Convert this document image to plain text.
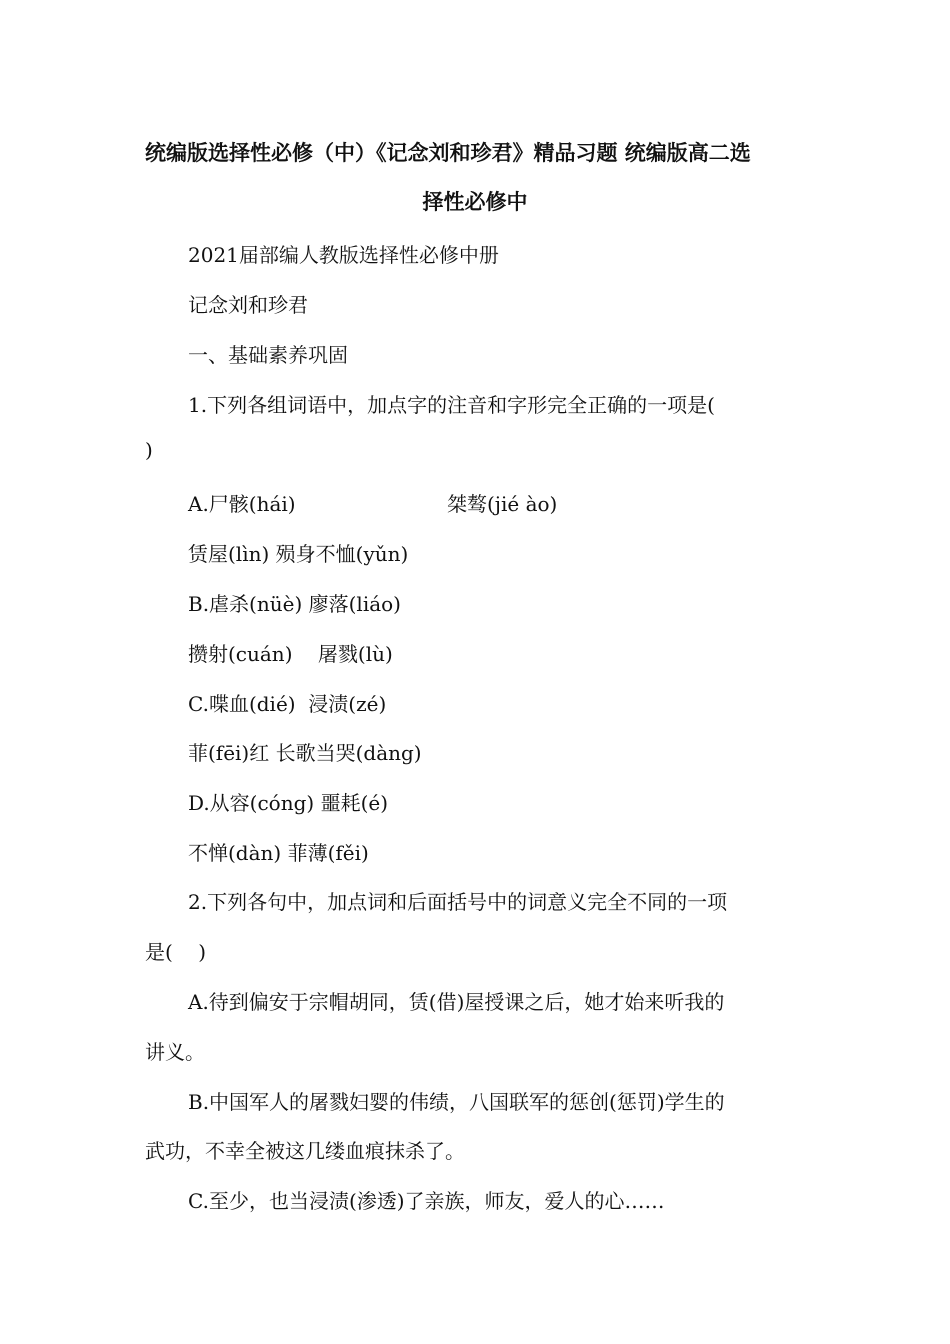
统编版选择性必修（中）《记念刘和珍君》精品习题 统编版高二选
择性必修中
2021届部编人教版选择性必修中册
记念刘和珍君
一、基础素养巩固
1.下列各组词语中，加点字的注音和字形完全正确的一项是(
)
A.尸骸(hái)	桀骜(jié ào)
赁屋(lìn) 殒身不恤(yǔn)
B.虐杀(nüè) 廖落(liáo)
攒射(cuán)    屠戮(lù)
C.喋血(dié)  浸渍(zé)
菲(fēi)红 长歌当哭(dàng)
D.从容(cóng) 噩耗(é)
不惮(dàn) 菲薄(fěi)
2.下列各句中，加点词和后面括号中的词意义完全不同的一项
是(    )
A.待到偏安于宗帽胡同，赁(借)屋授课之后，她才始来听我的
讲义。
B.中国军人的屠戮妇婴的伟绩，八国联军的惩创(惩罚)学生的
武功，不幸全被这几缕血痕抹杀了。
C.至少，也当浸渍(渗透)了亲族，师友，爱人的心……
